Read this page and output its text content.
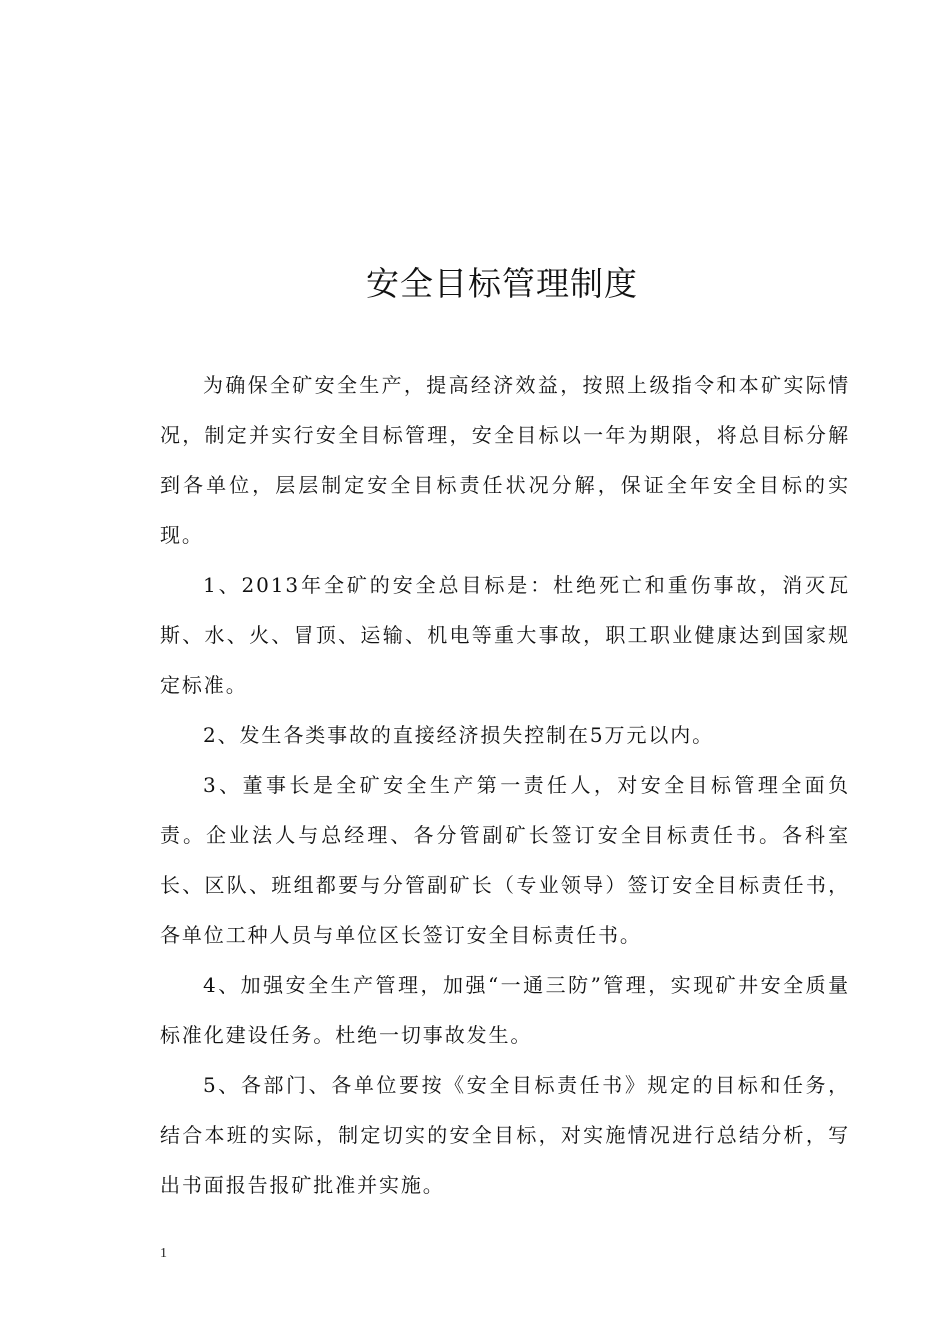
安全目标管理制度

为确保全矿安全生产，提高经济效益，按照上级指令和本矿实际情况，制定并实行安全目标管理，安全目标以一年为期限，将总目标分解到各单位，层层制定安全目标责任状况分解，保证全年安全目标的实现。

1、2013年全矿的安全总目标是：杜绝死亡和重伤事故，消灭瓦斯、水、火、冒顶、运输、机电等重大事故，职工职业健康达到国家规定标准。

2、发生各类事故的直接经济损失控制在5万元以内。

3、董事长是全矿安全生产第一责任人，对安全目标管理全面负责。企业法人与总经理、各分管副矿长签订安全目标责任书。各科室长、区队、班组都要与分管副矿长（专业领导）签订安全目标责任书，各单位工种人员与单位区长签订安全目标责任书。

4、加强安全生产管理，加强“一通三防”管理，实现矿井安全质量标准化建设任务。杜绝一切事故发生。

5、各部门、各单位要按《安全目标责任书》规定的目标和任务，结合本班的实际，制定切实的安全目标，对实施情况进行总结分析，写出书面报告报矿批准并实施。

1
